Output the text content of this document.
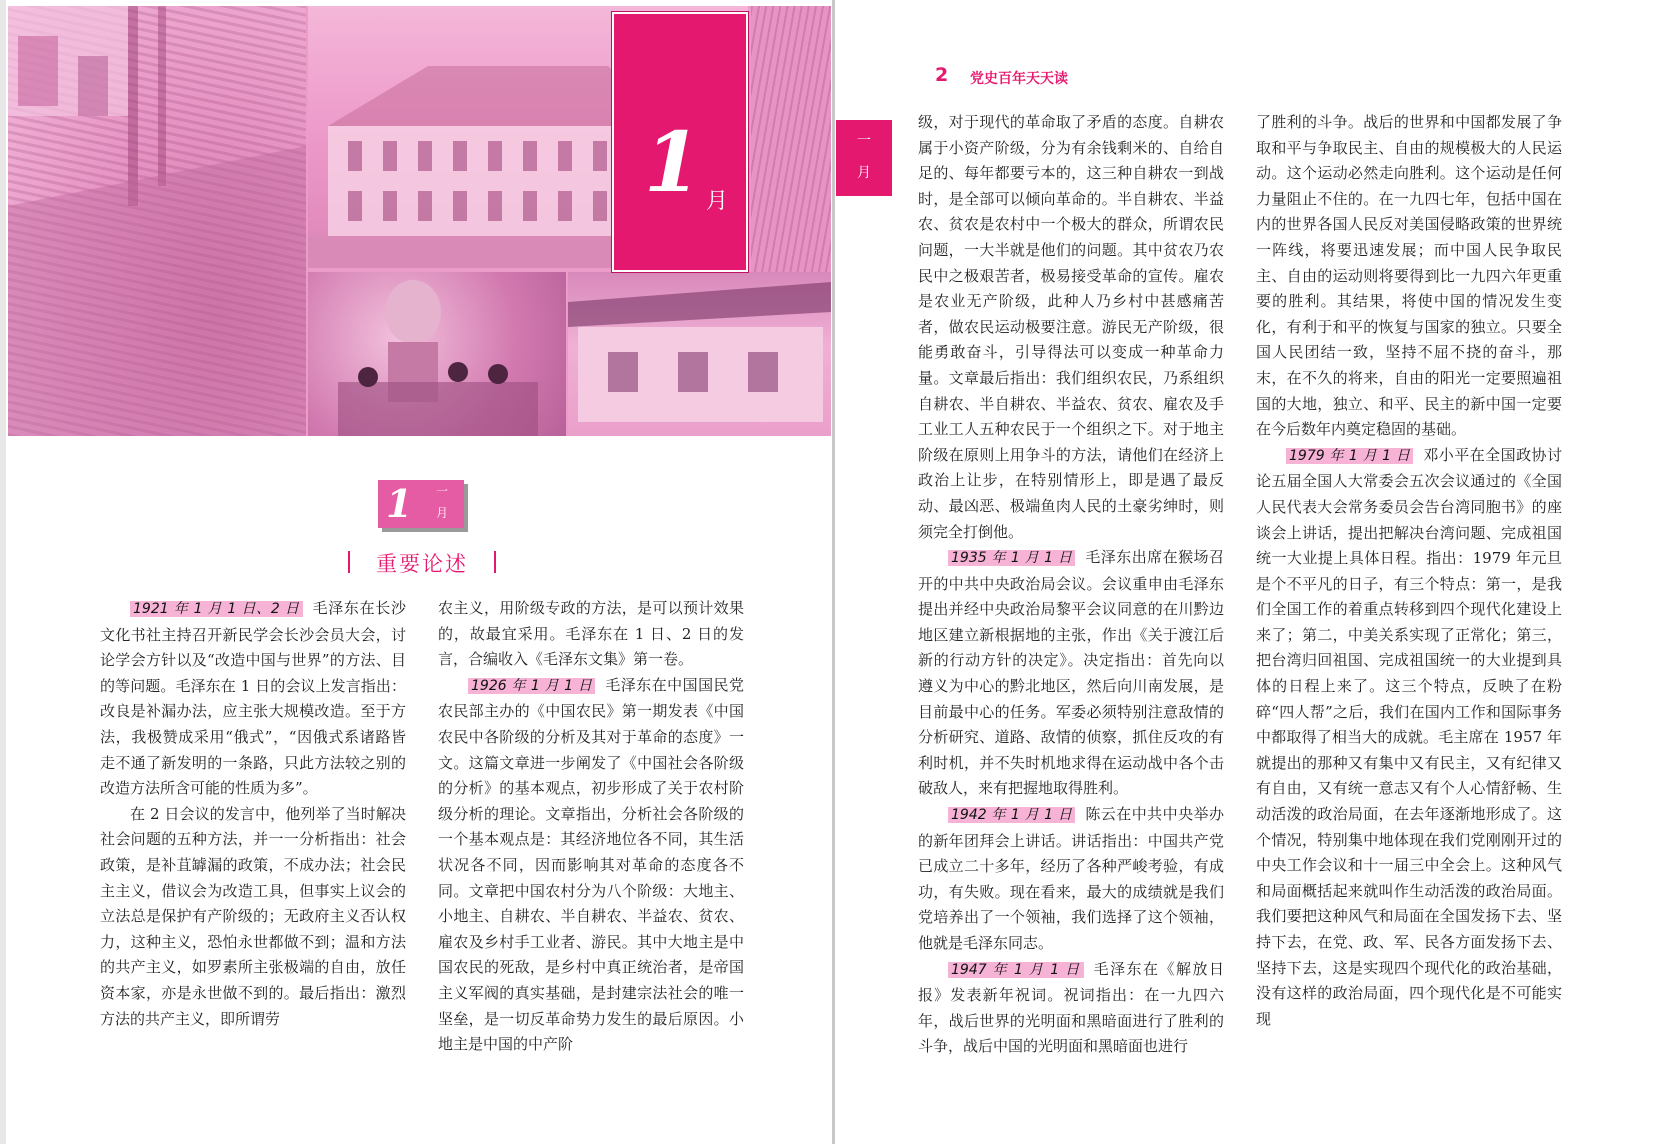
1 月
1 一
月
重要论述

1921 年 1 月 1 日、2 日 毛泽东在长沙文化书社主持召开新民学会长沙会员大会，讨论学会方针以及“改造中国与世界”的方法、目的等问题。毛泽东在 1 日的会议上发言指出：改良是补漏办法，应主张大规模改造。至于方法，我极赞成采用“俄式”，“因俄式系诸路皆走不通了新发明的一条路，只此方法较之别的改造方法所含可能的性质为多”。

在 2 日会议的发言中，他列举了当时解决社会问题的五种方法，并一一分析指出：社会政策，是补苴罅漏的政策，不成办法；社会民主主义，借议会为改造工具，但事实上议会的立法总是保护有产阶级的；无政府主义否认权力，这种主义，恐怕永世都做不到；温和方法的共产主义，如罗素所主张极端的自由，放任资本家，亦是永世做不到的。最后指出：激烈方法的共产主义，即所谓劳

农主义，用阶级专政的方法，是可以预计效果的，故最宜采用。毛泽东在 1 日、2 日的发言，合编收入《毛泽东文集》第一卷。

1926 年 1 月 1 日 毛泽东在中国国民党农民部主办的《中国农民》第一期发表《中国农民中各阶级的分析及其对于革命的态度》一文。这篇文章进一步阐发了《中国社会各阶级的分析》的基本观点，初步形成了关于农村阶级分析的理论。文章指出，分析社会各阶级的一个基本观点是：其经济地位各不同，其生活状况各不同，因而影响其对革命的态度各不同。文章把中国农村分为八个阶级：大地主、小地主、自耕农、半自耕农、半益农、贫农、雇农及乡村手工业者、游民。其中大地主是中国农民的死敌，是乡村中真正统治者，是帝国主义军阀的真实基础，是封建宗法社会的唯一坚垒，是一切反革命势力发生的最后原因。小地主是中国的中产阶

2 党史百年天天读
一
月

级，对于现代的革命取了矛盾的态度。自耕农属于小资产阶级，分为有余钱剩米的、自给自足的、每年都要亏本的，这三种自耕农一到战时，是全部可以倾向革命的。半自耕农、半益农、贫农是农村中一个极大的群众，所谓农民问题，一大半就是他们的问题。其中贫农乃农民中之极艰苦者，极易接受革命的宣传。雇农是农业无产阶级，此种人乃乡村中甚感痛苦者，做农民运动极要注意。游民无产阶级，很能勇敢奋斗，引导得法可以变成一种革命力量。文章最后指出：我们组织农民，乃系组织自耕农、半自耕农、半益农、贫农、雇农及手工业工人五种农民于一个组织之下。对于地主阶级在原则上用争斗的方法，请他们在经济上政治上让步，在特别情形上，即是遇了最反动、最凶恶、极端鱼肉人民的土豪劣绅时，则须完全打倒他。

1935 年 1 月 1 日 毛泽东出席在猴场召开的中共中央政治局会议。会议重申由毛泽东提出并经中央政治局黎平会议同意的在川黔边地区建立新根据地的主张，作出《关于渡江后新的行动方针的决定》。决定指出：首先向以遵义为中心的黔北地区，然后向川南发展，是目前最中心的任务。军委必须特别注意敌情的分析研究、道路、敌情的侦察，抓住反攻的有利时机，并不失时机地求得在运动战中各个击破敌人，来有把握地取得胜利。

1942 年 1 月 1 日 陈云在中共中央举办的新年团拜会上讲话。讲话指出：中国共产党已成立二十多年，经历了各种严峻考验，有成功，有失败。现在看来，最大的成绩就是我们党培养出了一个领袖，我们选择了这个领袖，他就是毛泽东同志。

1947 年 1 月 1 日 毛泽东在《解放日报》发表新年祝词。祝词指出：在一九四六年，战后世界的光明面和黑暗面进行了胜利的斗争，战后中国的光明面和黑暗面也进行

了胜利的斗争。战后的世界和中国都发展了争取和平与争取民主、自由的规模极大的人民运动。这个运动必然走向胜利。这个运动是任何力量阻止不住的。在一九四七年，包括中国在内的世界各国人民反对美国侵略政策的世界统一阵线，将要迅速发展；而中国人民争取民主、自由的运动则将要得到比一九四六年更重要的胜利。其结果，将使中国的情况发生变化，有利于和平的恢复与国家的独立。只要全国人民团结一致，坚持不屈不挠的奋斗，那末，在不久的将来，自由的阳光一定要照遍祖国的大地，独立、和平、民主的新中国一定要在今后数年内奠定稳固的基础。

1979 年 1 月 1 日 邓小平在全国政协讨论五届全国人大常委会五次会议通过的《全国人民代表大会常务委员会告台湾同胞书》的座谈会上讲话，提出把解决台湾问题、完成祖国统一大业提上具体日程。指出：1979 年元旦是个不平凡的日子，有三个特点：第一，是我们全国工作的着重点转移到四个现代化建设上来了；第二，中美关系实现了正常化；第三，把台湾归回祖国、完成祖国统一的大业提到具体的日程上来了。这三个特点，反映了在粉碎“四人帮”之后，我们在国内工作和国际事务中都取得了相当大的成就。毛主席在 1957 年就提出的那种又有集中又有民主，又有纪律又有自由，又有统一意志又有个人心情舒畅、生动活泼的政治局面，在去年逐渐地形成了。这个情况，特别集中地体现在我们党刚刚开过的中央工作会议和十一届三中全会上。这种风气和局面概括起来就叫作生动活泼的政治局面。我们要把这种风气和局面在全国发扬下去、坚持下去，在党、政、军、民各方面发扬下去、坚持下去，这是实现四个现代化的政治基础，没有这样的政治局面，四个现代化是不可能实现
